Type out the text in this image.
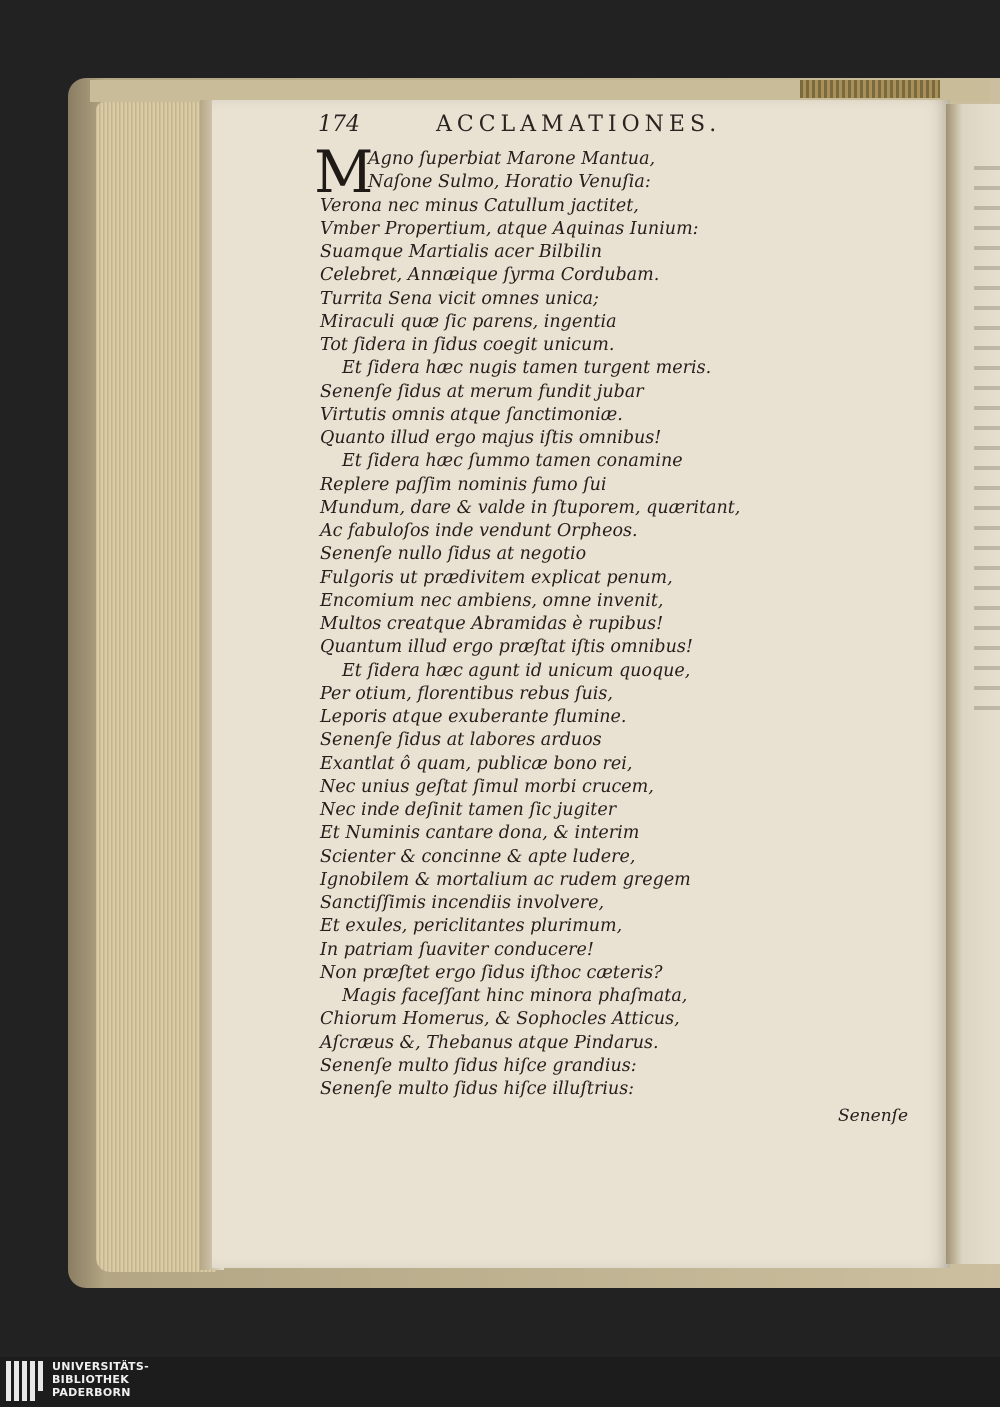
174	ACCLAMATIONES.
M
Agno ſuperbiat Marone Mantua,
Naſone Sulmo, Horatio Venuſia:
Verona nec minus Catullum jactitet,
Vmber Propertium, atque Aquinas Iunium:
Suamque Martialis acer Bilbilin
Celebret, Annæique ſyrma Cordubam.
Turrita Sena vicit omnes unica;
Miraculi quæ ſic parens, ingentia
Tot ſidera in ſidus coegit unicum.
Et ſidera hæc nugis tamen turgent meris.
Senenſe ſidus at merum fundit jubar
Virtutis omnis atque ſanctimoniæ.
Quanto illud ergo majus iſtis omnibus!
Et ſidera hæc ſummo tamen conamine
Replere paſſim nominis fumo ſui
Mundum, dare & valde in ſtuporem, quæritant,
Ac fabuloſos inde vendunt Orpheos.
Senenſe nullo ſidus at negotio
Fulgoris ut prædivitem explicat penum,
Encomium nec ambiens, omne invenit,
Multos creatque Abramidas è rupibus!
Quantum illud ergo præſtat iſtis omnibus!
Et ſidera hæc agunt id unicum quoque,
Per otium, florentibus rebus ſuis,
Leporis atque exuberante flumine.
Senenſe ſidus at labores arduos
Exantlat ô quam, publicæ bono rei,
Nec unius geſtat ſimul morbi crucem,
Nec inde deſinit tamen ſic jugiter
Et Numinis cantare dona, & interim
Scienter & concinne & apte ludere,
Ignobilem & mortalium ac rudem gregem
Sanctiſſimis incendiis involvere,
Et exules, periclitantes plurimum,
In patriam ſuaviter conducere!
Non præſtet ergo ſidus iſthoc cæteris?
Magis faceſſant hinc minora phaſmata,
Chiorum Homerus, & Sophocles Atticus,
Aſcræus &, Thebanus atque Pindarus.
Senenſe multo ſidus hiſce grandius:
Senenſe multo ſidus hiſce illuſtrius:
Senenſe
UNIVERSITÄTS-
BIBLIOTHEK
PADERBORN
